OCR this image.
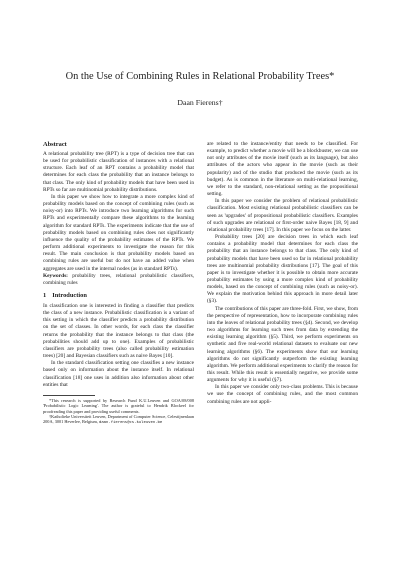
On the Use of Combining Rules in Relational Probability Trees*
Daan Fierens†
Abstract

A relational probability tree (RPT) is a type of decision tree that can be used for probabilistic classification of instances with a relational structure. Each leaf of an RPT contains a probability model that determines for each class the probability that an instance belongs to that class. The only kind of probability models that have been used in RPTs so far are multinomial probability distributions.

In this paper we show how to integrate a more complex kind of probability models based on the concept of combining rules (such as noisy-or) into RPTs. We introduce two learning algorithms for such RPTs and experimentally compare these algorithms to the learning algorithm for standard RPTs. The experiments indicate that the use of probability models based on combining rules does not significantly influence the quality of the probability estimates of the RPTs. We perform additional experiments to investigate the reason for this result. The main conclusion is that probability models based on combining rules are useful but do not have an added value when aggregates are used in the internal nodes (as in standard RPTs).

Keywords: probability trees, relational probabilistic classifiers, combining rules

1 Introduction

In classification one is interested in finding a classifier that predicts the class of a new instance. Probabilistic classification is a variant of this setting in which the classifier predicts a probability distribution on the set of classes. In other words, for each class the classifier returns the probability that the instance belongs to that class (the probabilities should add up to one). Examples of probabilistic classifiers are probability trees (also called probability estimation trees) [20] and Bayesian classifiers such as naive Bayes [10].

In the standard classification setting one classifies a new instance based only on information about the instance itself. In relational classification [18] one uses in addition also information about other entities that

*This research is supported by Research Fund K.U.Leuven and GOA/08/008 'Probabilistic Logic Learning'. The author is grateful to Hendrik Blockeel for proofreading this paper and providing useful comments.

†Katholieke Universiteit Leuven, Department of Computer Science, Celestijnenlaan 200A, 3001 Heverlee, Belgium, daan.fierens@cs.kuleuven.be

are related to the instance/entity that needs to be classified. For example, to predict whether a movie will be a blockbuster, we can use not only attributes of the movie itself (such as its language), but also attributes of the actors who appear in the movie (such as their popularity) and of the studio that produced the movie (such as its budget). As is common in the literature on multi-relational learning, we refer to the standard, non-relational setting as the propositional setting.

In this paper we consider the problem of relational probabilistic classification. Most existing relational probabilistic classifiers can be seen as 'upgrades' of propositional probabilistic classifiers. Examples of such upgrades are relational or first-order naive Bayes [18, 9] and relational probability trees [17]. In this paper we focus on the latter.

Probability trees [20] are decision trees in which each leaf contains a probability model that determines for each class the probability that an instance belongs to that class. The only kind of probability models that have been used so far in relational probability trees are multinomial probability distributions [17]. The goal of this paper is to investigate whether it is possible to obtain more accurate probability estimates by using a more complex kind of probability models, based on the concept of combining rules (such as noisy-or). We explain the motivation behind this approach in more detail later (§3).

The contributions of this paper are three-fold. First, we show, from the perspective of representation, how to incorporate combining rules into the leaves of relational probability trees (§4). Second, we develop two algorithms for learning such trees from data by extending the existing learning algorithm (§5). Third, we perform experiments on synthetic and five real-world relational datasets to evaluate our new learning algorithms (§6). The experiments show that our learning algorithms do not significantly outperform the existing learning algorithm. We perform additional experiments to clarify the reason for this result. While this result is essentially negative, we provide some arguments for why it is useful (§7).

In this paper we consider only two-class problems. This is because we use the concept of combining rules, and the most common combining rules are not appli-
